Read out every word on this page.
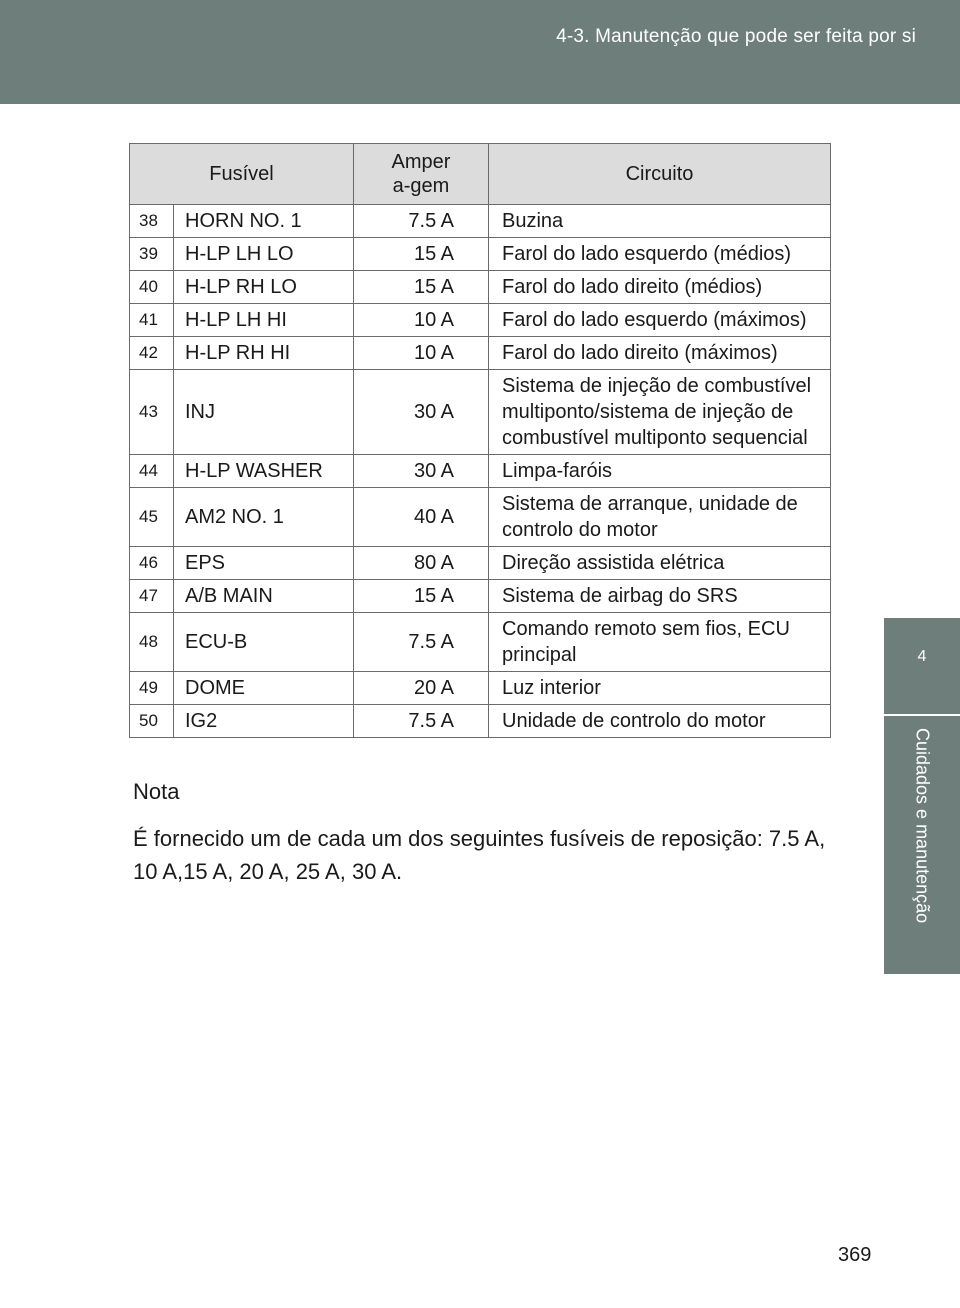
4-3. Manutenção que pode ser feita por si
4
Cuidados e manutenção
Fusível		Ampera-gem	Circuito
38	HORN NO. 1	7.5 A	Buzina
39	H-LP LH LO	15 A	Farol do lado esquerdo (médios)
40	H-LP RH LO	15 A	Farol do lado direito (médios)
41	H-LP LH HI	10 A	Farol do lado esquerdo (máximos)
42	H-LP RH HI	10 A	Farol do lado direito (máximos)
43	INJ	30 A	Sistema de injeção de combustível multiponto/sistema de injeção de combustível multiponto sequencial
44	H-LP WASHER	30 A	Limpa-faróis
45	AM2 NO. 1	40 A	Sistema de arranque, unidade de controlo do motor
46	EPS	80 A	Direção assistida elétrica
47	A/B MAIN	15 A	Sistema de airbag do SRS
48	ECU-B	7.5 A	Comando remoto sem fios, ECU principal
49	DOME	20 A	Luz interior
50	IG2	7.5 A	Unidade de controlo do motor
Nota
É fornecido um de cada um dos seguintes fusíveis de reposição: 7.5 A, 10 A,15 A, 20 A, 25 A, 30 A.
369
